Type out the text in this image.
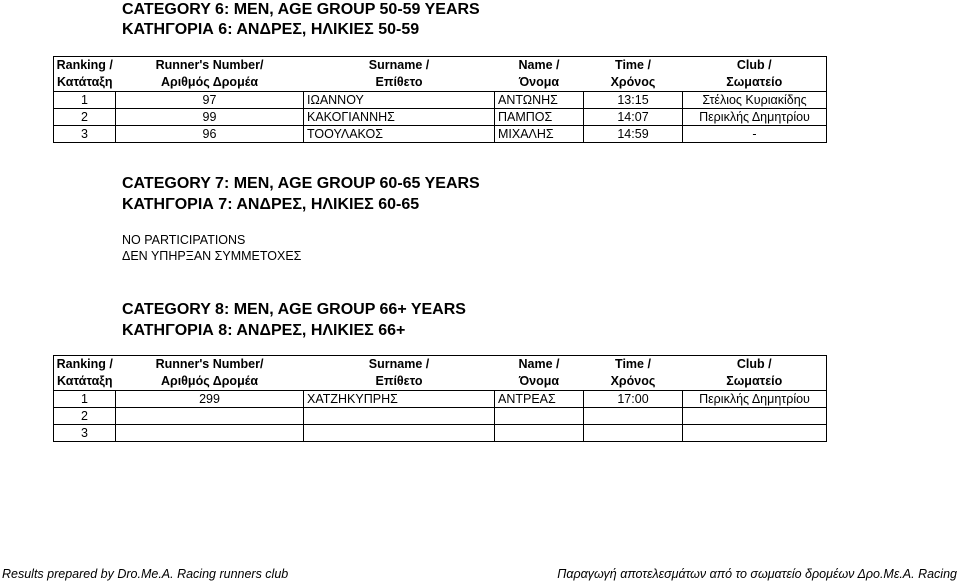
CATEGORY 6: MEN, AGE GROUP 50-59 YEARS
ΚΑΤΗΓΟΡΙΑ 6: ΑΝΔΡΕΣ, ΗΛΙΚΙΕΣ 50-59
Ranking /	Runner's Number/	Surname /	Name /	Time /	Club /
Κατάταξη	Αριθμός Δρομέα	Επίθετο	Όνομα	Χρόνος	Σωματείο
1	97	ΙΩΑΝΝΟΥ	ΑΝΤΩΝΗΣ	13:15	Στέλιος Κυριακίδης
2	99	ΚΑΚΟΓΙΑΝΝΗΣ	ΠΑΜΠΟΣ	14:07	Περικλής Δημητρίου
3	96	ΤΟΟΥΛΑΚΟΣ	ΜΙΧΑΛΗΣ	14:59	-
CATEGORY 7: MEN, AGE GROUP 60-65 YEARS
ΚΑΤΗΓΟΡΙΑ 7: ΑΝΔΡΕΣ, ΗΛΙΚΙΕΣ 60-65
NO PARTICIPATIONS
ΔΕΝ ΥΠΗΡΞΑΝ ΣΥΜΜΕΤΟΧΕΣ
CATEGORY 8: MEN, AGE GROUP 66+ YEARS
ΚΑΤΗΓΟΡΙΑ 8: ΑΝΔΡΕΣ, ΗΛΙΚΙΕΣ 66+
Ranking /	Runner's Number/	Surname /	Name /	Time /	Club /
Κατάταξη	Αριθμός Δρομέα	Επίθετο	Όνομα	Χρόνος	Σωματείο
1	299	ΧΑΤΖΗΚΥΠΡΗΣ	ΑΝΤΡΕΑΣ	17:00	Περικλής Δημητρίου
2					
3					
Results prepared by Dro.Me.A. Racing runners club	Παραγωγή αποτελεσμάτων από το σωματείο δρομέων Δρο.Με.Α. Racing
